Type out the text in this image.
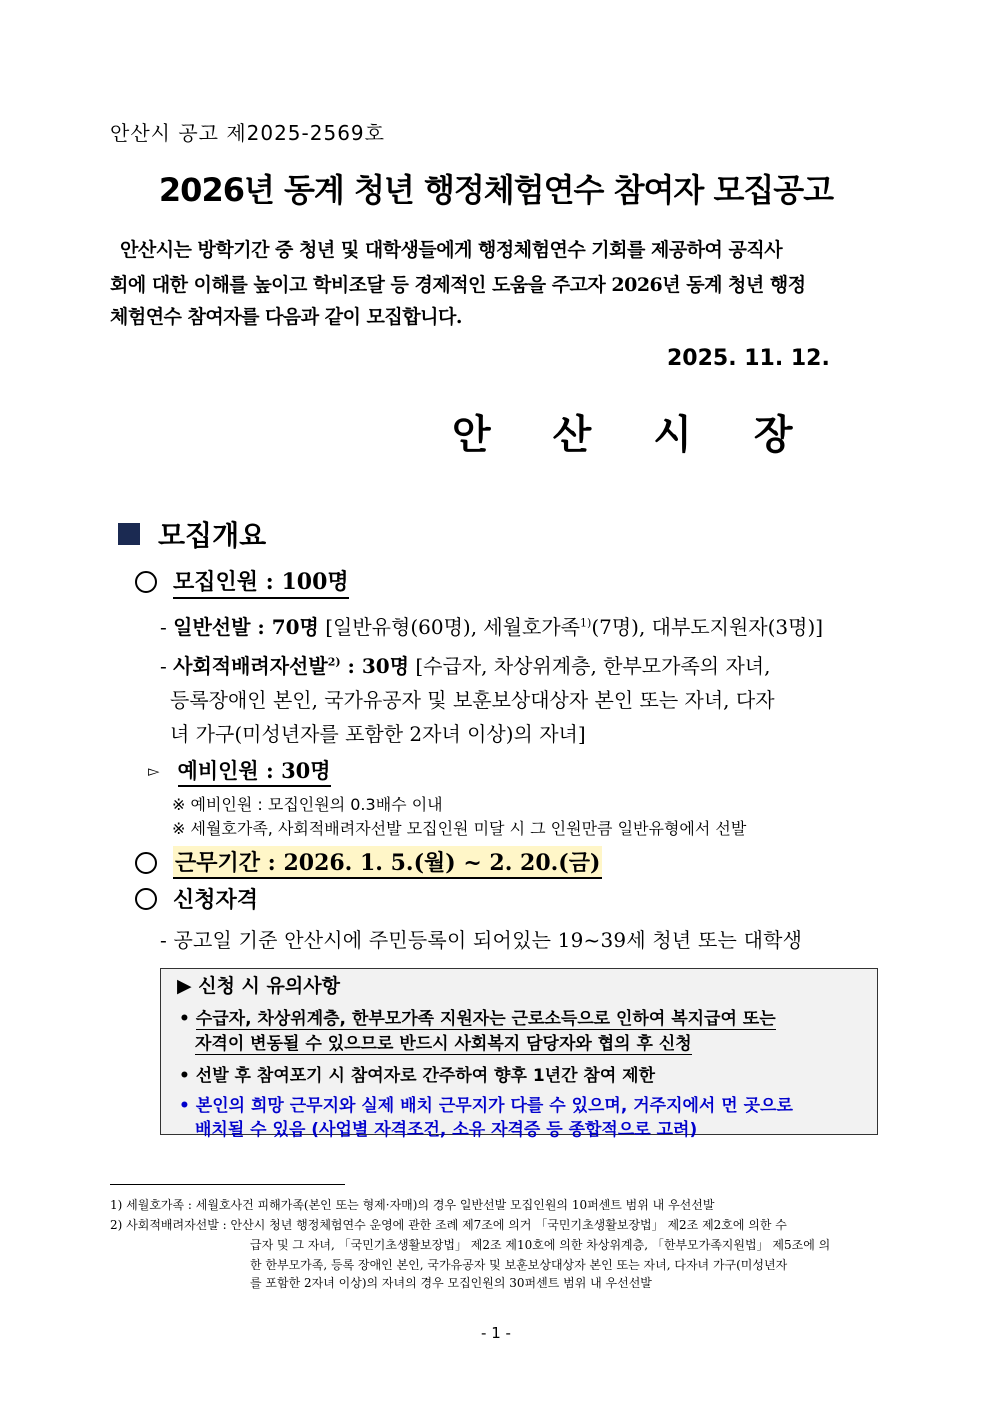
안산시 공고 제2025-2569호
2026년 동계 청년 행정체험연수 참여자 모집공고
안산시는 방학기간 중 청년 및 대학생들에게 행정체험연수 기회를 제공하여 공직사
회에 대한 이해를 높이고 학비조달 등 경제적인 도움을 주고자 2026년 동계 청년 행정
체험연수 참여자를 다음과 같이 모집합니다.
2025. 11. 12.
안산시장
모집개요
모집인원 : 100명
- 일반선발 : 70명 [일반유형(60명), 세월호가족$^{1)}$(7명), 대부도지원자(3명)]
- 사회적배려자선발$^{2)}$ : 30명 [수급자, 차상위계층, 한부모가족의 자녀,
등록장애인 본인, 국가유공자 및 보훈보상대상자 본인 또는 자녀, 다자
녀 가구(미성년자를 포함한 2자녀 이상)의 자녀]
▻ 예비인원 : 30명
※ 예비인원 : 모집인원의 0.3배수 이내
※ 세월호가족, 사회적배려자선발 모집인원 미달 시 그 인원만큼 일반유형에서 선발
근무기간 : 2026. 1. 5.(월) ~ 2. 20.(금)
신청자격
- 공고일 기준 안산시에 주민등록이 되어있는 19~39세 청년 또는 대학생
▶ 신청 시 유의사항
• 수급자, 차상위계층, 한부모가족 지원자는 근로소득으로 인하여 복지급여 또는
자격이 변동될 수 있으므로 반드시 사회복지 담당자와 협의 후 신청
• 선발 후 참여포기 시 참여자로 간주하여 향후 1년간 참여 제한
• 본인의 희망 근무지와 실제 배치 근무지가 다를 수 있으며, 거주지에서 먼 곳으로
배치될 수 있음 (사업별 자격조건, 소유 자격증 등 종합적으로 고려)
1) 세월호가족 : 세월호사건 피해가족(본인 또는 형제·자매)의 경우 일반선발 모집인원의 10퍼센트 범위 내 우선선발
2) 사회적배려자선발 : 안산시 청년 행정체험연수 운영에 관한 조례 제7조에 의거 「국민기초생활보장법」 제2조 제2호에 의한 수
급자 및 그 자녀, 「국민기초생활보장법」 제2조 제10호에 의한 차상위계층, 「한부모가족지원법」 제5조에 의
한 한부모가족, 등록 장애인 본인, 국가유공자 및 보훈보상대상자 본인 또는 자녀, 다자녀 가구(미성년자
를 포함한 2자녀 이상)의 자녀의 경우 모집인원의 30퍼센트 범위 내 우선선발
- 1 -
